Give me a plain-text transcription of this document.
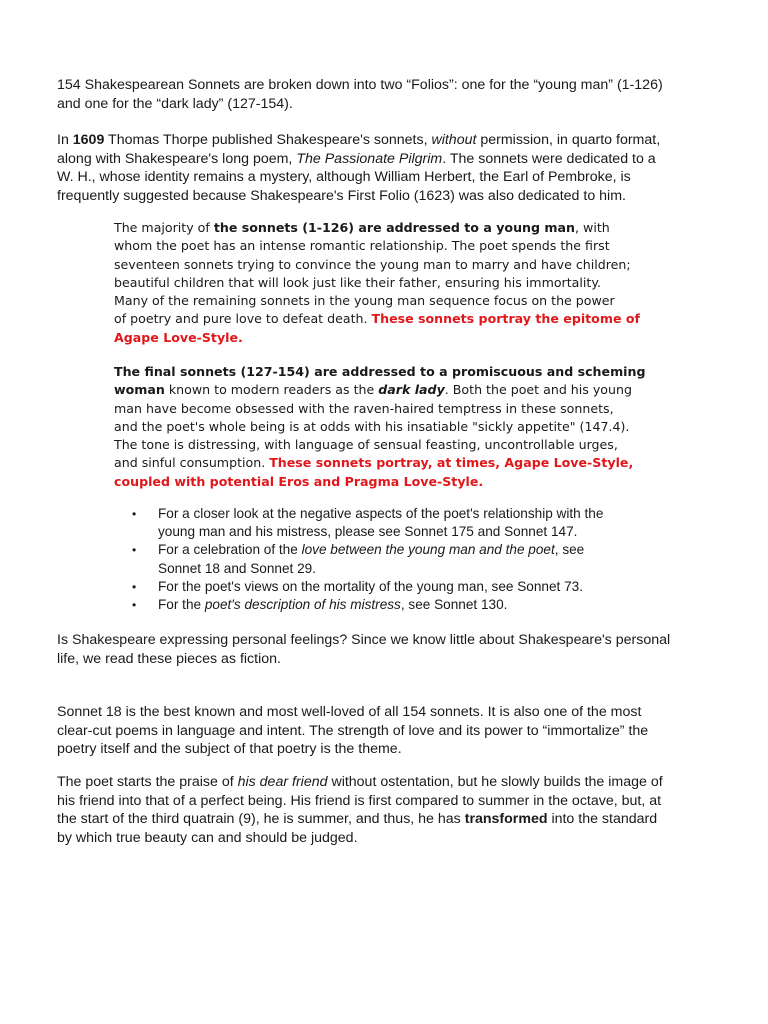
154 Shakespearean Sonnets are broken down into two “Folios”: one for the “young man” (1-126)
and one for the “dark lady” (127-154).

In 1609 Thomas Thorpe published Shakespeare's sonnets, without permission, in quarto format,
along with Shakespeare's long poem, The Passionate Pilgrim. The sonnets were dedicated to a
W. H., whose identity remains a mystery, although William Herbert, the Earl of Pembroke, is
frequently suggested because Shakespeare's First Folio (1623) was also dedicated to him.

The majority of the sonnets (1-126) are addressed to a young man, with
whom the poet has an intense romantic relationship. The poet spends the first
seventeen sonnets trying to convince the young man to marry and have children;
beautiful children that will look just like their father, ensuring his immortality.
Many of the remaining sonnets in the young man sequence focus on the power
of poetry and pure love to defeat death. These sonnets portray the epitome of
Agape Love-Style.

The final sonnets (127-154) are addressed to a promiscuous and scheming
woman known to modern readers as the dark lady. Both the poet and his young
man have become obsessed with the raven-haired temptress in these sonnets,
and the poet's whole being is at odds with his insatiable "sickly appetite" (147.4).
The tone is distressing, with language of sensual feasting, uncontrollable urges,
and sinful consumption. These sonnets portray, at times, Agape Love-Style,
coupled with potential Eros and Pragma Love-Style.

•	For a closer look at the negative aspects of the poet's relationship with the
young man and his mistress, please see Sonnet 175 and Sonnet 147.
•	For a celebration of the love between the young man and the poet, see
Sonnet 18 and Sonnet 29.
•	For the poet's views on the mortality of the young man, see Sonnet 73.
•	For the poet's description of his mistress, see Sonnet 130.

Is Shakespeare expressing personal feelings? Since we know little about Shakespeare's personal
life, we read these pieces as fiction.

Sonnet 18 is the best known and most well-loved of all 154 sonnets. It is also one of the most
clear-cut poems in language and intent. The strength of love and its power to “immortalize” the
poetry itself and the subject of that poetry is the theme.

The poet starts the praise of his dear friend without ostentation, but he slowly builds the image of
his friend into that of a perfect being. His friend is first compared to summer in the octave, but, at
the start of the third quatrain (9), he is summer, and thus, he has transformed into the standard
by which true beauty can and should be judged.
